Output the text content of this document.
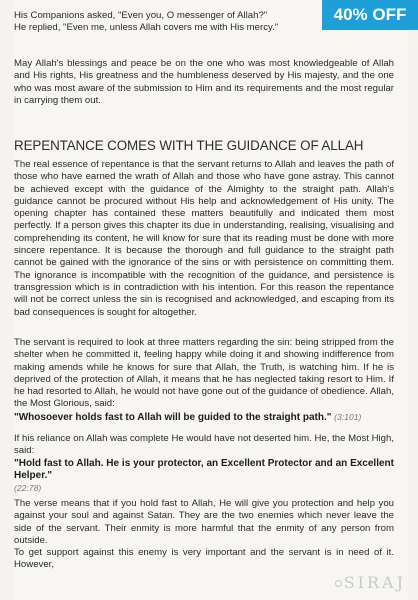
His Companions asked, "Even you, O messenger of Allah?"

He replied, "Even me, unless Allah covers me with His mercy."

May Allah's blessings and peace be on the one who was most knowledgeable of Allah and His rights, His greatness and the humbleness deserved by His majesty, and the one who was most aware of the submission to Him and its requirements and the most regular in carrying them out.

REPENTANCE COMES WITH THE GUIDANCE OF ALLAH

The real essence of repentance is that the servant returns to Allah and leaves the path of those who have earned the wrath of Allah and those who have gone astray. This cannot be achieved except with the guidance of the Almighty to the straight path. Allah's guidance cannot be procured without His help and acknowledgement of His unity. The opening chapter has contained these matters beautifully and indicated them most perfectly. If a person gives this chapter its due in understanding, realising, visualising and comprehending its content, he will know for sure that its reading must be done with more sincere repentance. It is because the thorough and full guidance to the straight path cannot be gained with the ignorance of the sins or with persistence on committing them. The ignorance is incompatible with the recognition of the guidance, and persistence is transgression which is in contradiction with his intention. For this reason the repentance will not be correct unless the sin is recognised and acknowledged, and escaping from its bad consequences is sought for altogether.

The servant is required to look at three matters regarding the sin: being stripped from the shelter when he committed it, feeling happy while doing it and showing indifference from making amends while he knows for sure that Allah, the Truth, is watching him. If he is deprived of the protection of Allah, it means that he has neglected taking resort to Him. If he had resorted to Allah, he would not have gone out of the guidance of obedience. Allah, the Most Glorious, said:

"Whosoever holds fast to Allah will be guided to the straight path." (3:101)

If his reliance on Allah was complete He would have not deserted him. He, the Most High, said:

"Hold fast to Allah. He is your protector, an Excellent Protector and an Excellent Helper."

(22:78)

The verse means that if you hold fast to Allah, He will give you protection and help you against your soul and against Satan. They are the two enemies which never leave the side of the servant. Their enmity is more harmful that the enmity of any person from outside.

To get support against this enemy is very important and the servant is in need of it. However,

40% OFF
SIRAJ
